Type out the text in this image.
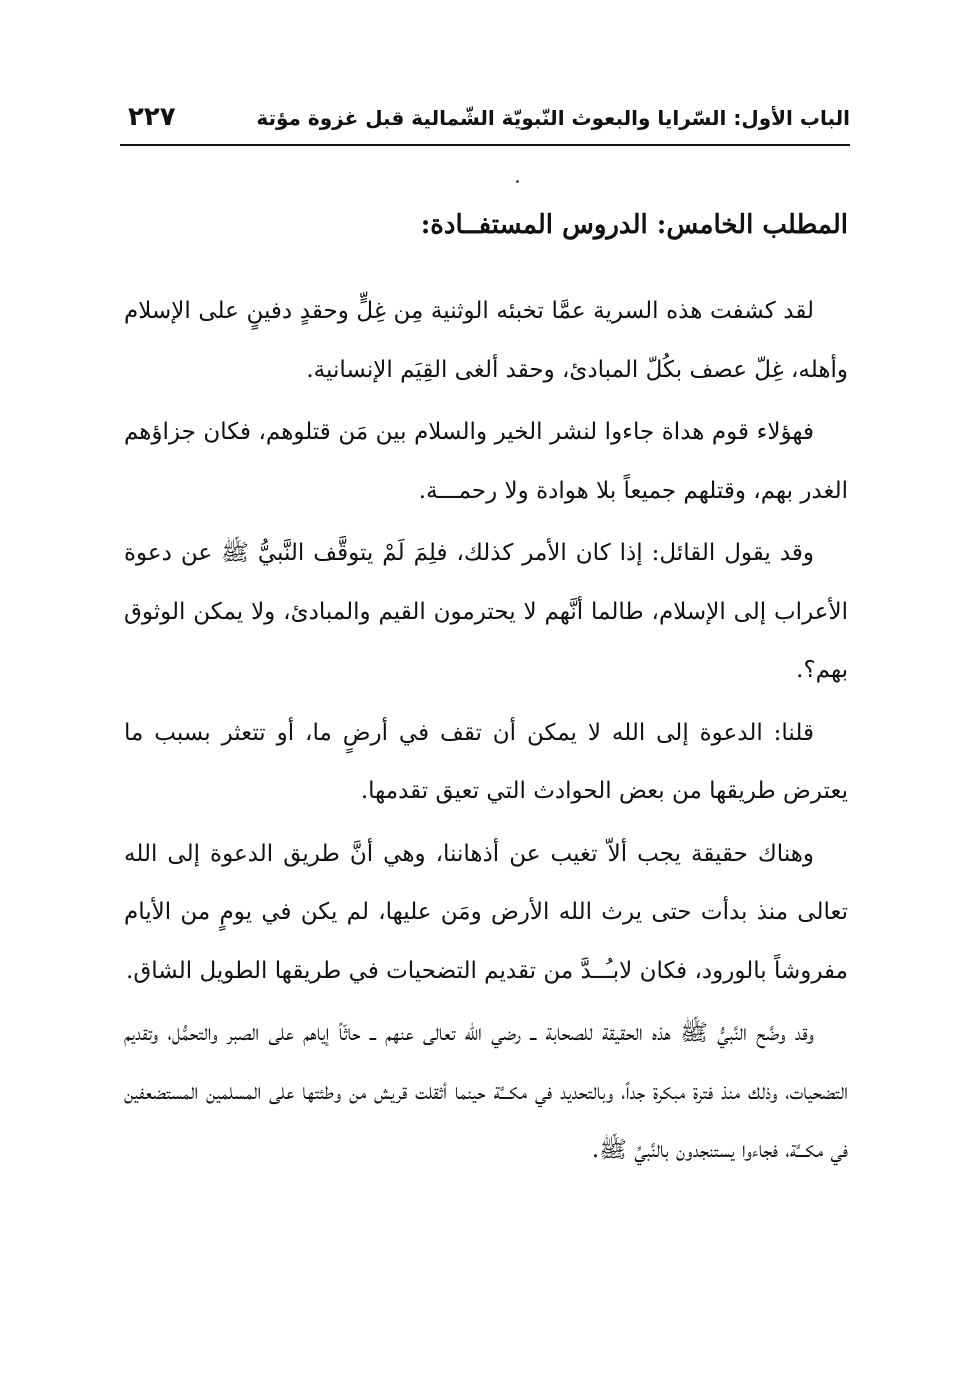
الباب الأول: السّرايا والبعوث النّبويّة الشّمالية قبل غزوة مؤتة
٢٢٧
المطلب الخامس: الدروس المستفــادة:

لقد كشفت هذه السرية عمَّا تخبئه الوثنية مِن غِلٍّ وحقدٍ دفينٍ على الإسلام وأهله، غِلّ عصف بكُلّ المبادئ، وحقد ألغى القِيَم الإنسانية.

فهؤلاء قوم هداة جاءوا لنشر الخير والسلام بين مَن قتلوهم، فكان جزاؤهم الغدر بهم، وقتلهم جميعاً بلا هوادة ولا رحمـــة.

وقد يقول القائل: إذا كان الأمر كذلك، فلِمَ لَمْ يتوقَّف النَّبيُّ ﷺ عن دعوة الأعراب إلى الإسلام، طالما أنَّهم لا يحترمون القيم والمبادئ، ولا يمكن الوثوق بهم؟.

قلنا: الدعوة إلى الله لا يمكن أن تقف في أرضٍ ما، أو تتعثر بسبب ما يعترض طريقها من بعض الحوادث التي تعيق تقدمها.

وهناك حقيقة يجب ألاّ تغيب عن أذهاننا، وهي أنَّ طريق الدعوة إلى الله تعالى منذ بدأت حتى يرث الله الأرض ومَن عليها، لم يكن في يومٍ من الأيام مفروشاً بالورود، فكان لابـُــدَّ من تقديم التضحيات في طريقها الطويل الشاق.

وقد وضَّح النَّبيُّ ﷺ هذه الحقيقة للصحابة ــ رضي الله تعالى عنهم ــ حاثّاً إياهم على الصبر والتحمُّل، وتقديم التضحيات، وذلك منذ فترة مبكرة جداً، وبالتحديد في مكـــَّة حينما أثقلت قريش من وطئتها على المسلمين المستضعفين في مكـــَّة، فجاءوا يستنجدون بالنَّبيِّ ﷺ.
